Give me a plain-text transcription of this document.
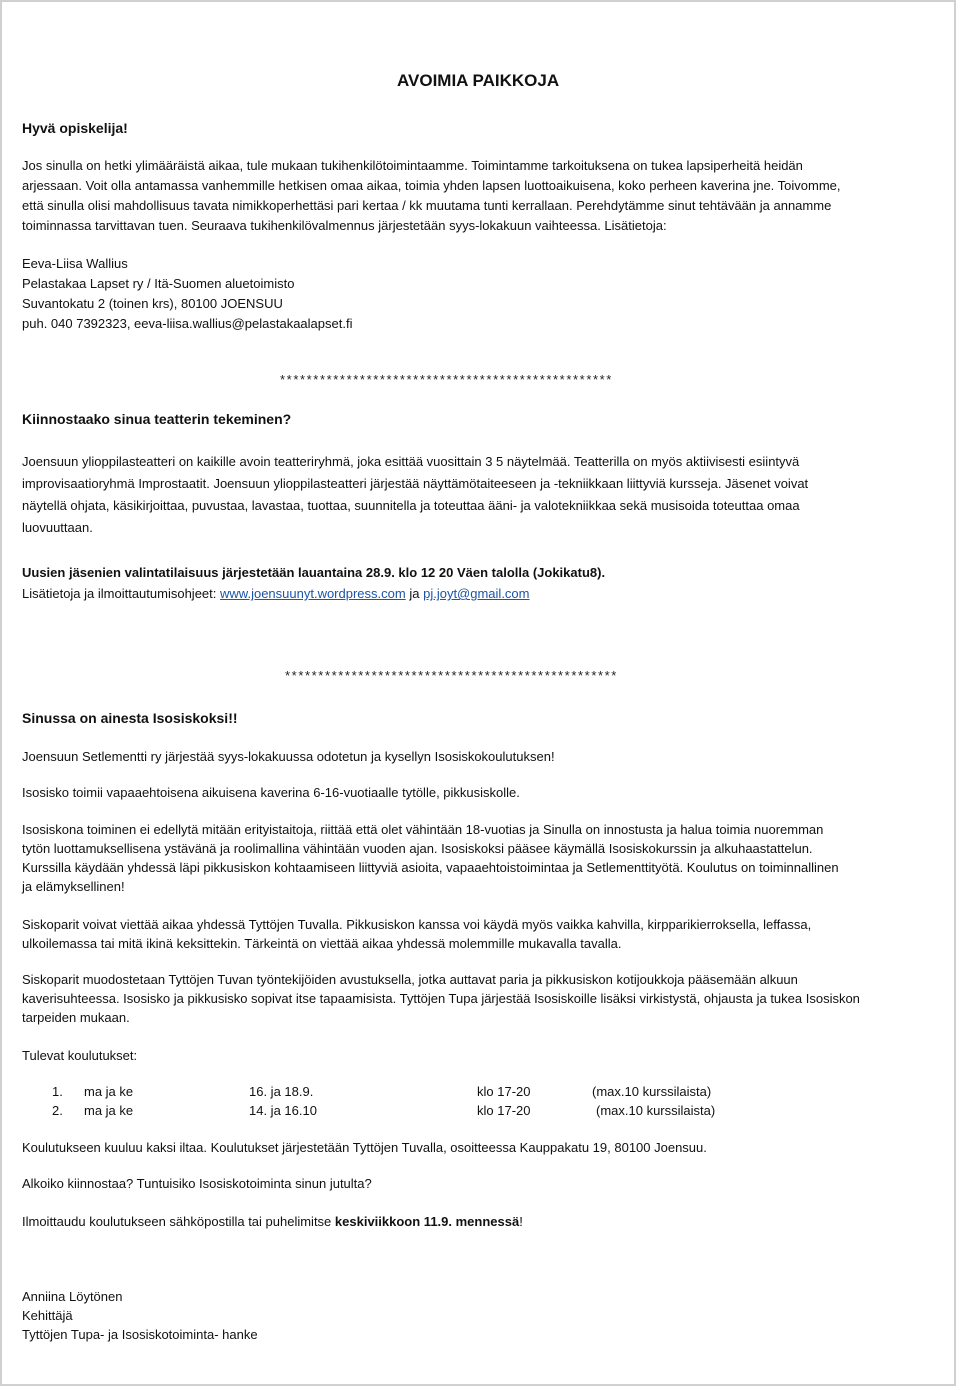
AVOIMIA PAIKKOJA

Hyvä opiskelija!

Jos sinulla on hetki ylimääräistä aikaa, tule mukaan tukihenkilötoimintaamme. Toimintamme tarkoituksena on tukea lapsiperheitä heidän

arjessaan. Voit olla antamassa vanhemmille hetkisen omaa aikaa, toimia yhden lapsen luottoaikuisena, koko perheen kaverina jne. Toivomme,

että sinulla olisi mahdollisuus tavata nimikkoperhettäsi pari kertaa / kk muutama tunti kerrallaan. Perehdytämme sinut tehtävään ja annamme

toiminnassa tarvittavan tuen. Seuraava tukihenkilövalmennus järjestetään syys-lokakuun vaihteessa. Lisätietoja:

Eeva-Liisa Wallius

Pelastakaa Lapset ry / Itä-Suomen aluetoimisto

Suvantokatu 2 (toinen krs), 80100 JOENSUU

puh. 040 7392323, eeva-liisa.wallius@pelastakaalapset.fi

**************************************************

Kiinnostaako sinua teatterin tekeminen?

Joensuun ylioppilasteatteri on kaikille avoin teatteriryhmä, joka esittää vuosittain 3 5 näytelmää. Teatterilla on myös aktiivisesti esiintyvä

improvisaatioryhmä Improstaatit. Joensuun ylioppilasteatteri järjestää näyttämötaiteeseen ja -tekniikkaan liittyviä kursseja. Jäsenet voivat

näytellä ohjata, käsikirjoittaa, puvustaa, lavastaa, tuottaa, suunnitella ja toteuttaa ääni- ja valotekniikkaa sekä musisoida toteuttaa omaa

luovuuttaan.

Uusien jäsenien valintatilaisuus järjestetään lauantaina 28.9. klo 12 20 Väen talolla (Jokikatu8).

Lisätietoja ja ilmoittautumisohjeet: www.joensuunyt.wordpress.com ja pj.joyt@gmail.com

**************************************************

Sinussa on ainesta Isosiskoksi!!

Joensuun Setlementti ry järjestää syys-lokakuussa odotetun ja kysellyn Isosiskokoulutuksen!

Isosisko toimii vapaaehtoisena aikuisena kaverina 6-16-vuotiaalle tytölle, pikkusiskolle.

Isosiskona toiminen ei edellytä mitään erityistaitoja, riittää että olet vähintään 18-vuotias ja Sinulla on innostusta ja halua toimia nuoremman

tytön luottamuksellisena ystävänä ja roolimallina vähintään vuoden ajan. Isosiskoksi pääsee käymällä Isosiskokurssin ja alkuhaastattelun.

Kurssilla käydään yhdessä läpi pikkusiskon kohtaamiseen liittyviä asioita, vapaaehtoistoimintaa ja Setlementtityötä. Koulutus on toiminnallinen

ja elämyksellinen!

Siskoparit voivat viettää aikaa yhdessä Tyttöjen Tuvalla. Pikkusiskon kanssa voi käydä myös vaikka kahvilla, kirpparikierroksella, leffassa,

ulkoilemassa tai mitä ikinä keksittekin. Tärkeintä on viettää aikaa yhdessä molemmille mukavalla tavalla.

Siskoparit muodostetaan Tyttöjen Tuvan työntekijöiden avustuksella, jotka auttavat paria ja pikkusiskon kotijoukkoja pääsemään alkuun

kaverisuhteessa. Isosisko ja pikkusisko sopivat itse tapaamisista. Tyttöjen Tupa järjestää Isosiskoille lisäksi virkistystä, ohjausta ja tukea Isosiskon

tarpeiden mukaan.

Tulevat koulutukset:

1. ma ja ke	16. ja 18.9.	klo 17-20	(max.10 kurssilaista)
2. ma ja ke	14. ja 16.10	klo 17-20	(max.10 kurssilaista)

Koulutukseen kuuluu kaksi iltaa. Koulutukset järjestetään Tyttöjen Tuvalla, osoitteessa Kauppakatu 19, 80100 Joensuu.

Alkoiko kiinnostaa? Tuntuisiko Isosiskotoiminta sinun jutulta?

Ilmoittaudu koulutukseen sähköpostilla tai puhelimitse keskiviikkoon 11.9. mennessä!

Anniina Löytönen

Kehittäjä

Tyttöjen Tupa- ja Isosiskotoiminta- hanke
